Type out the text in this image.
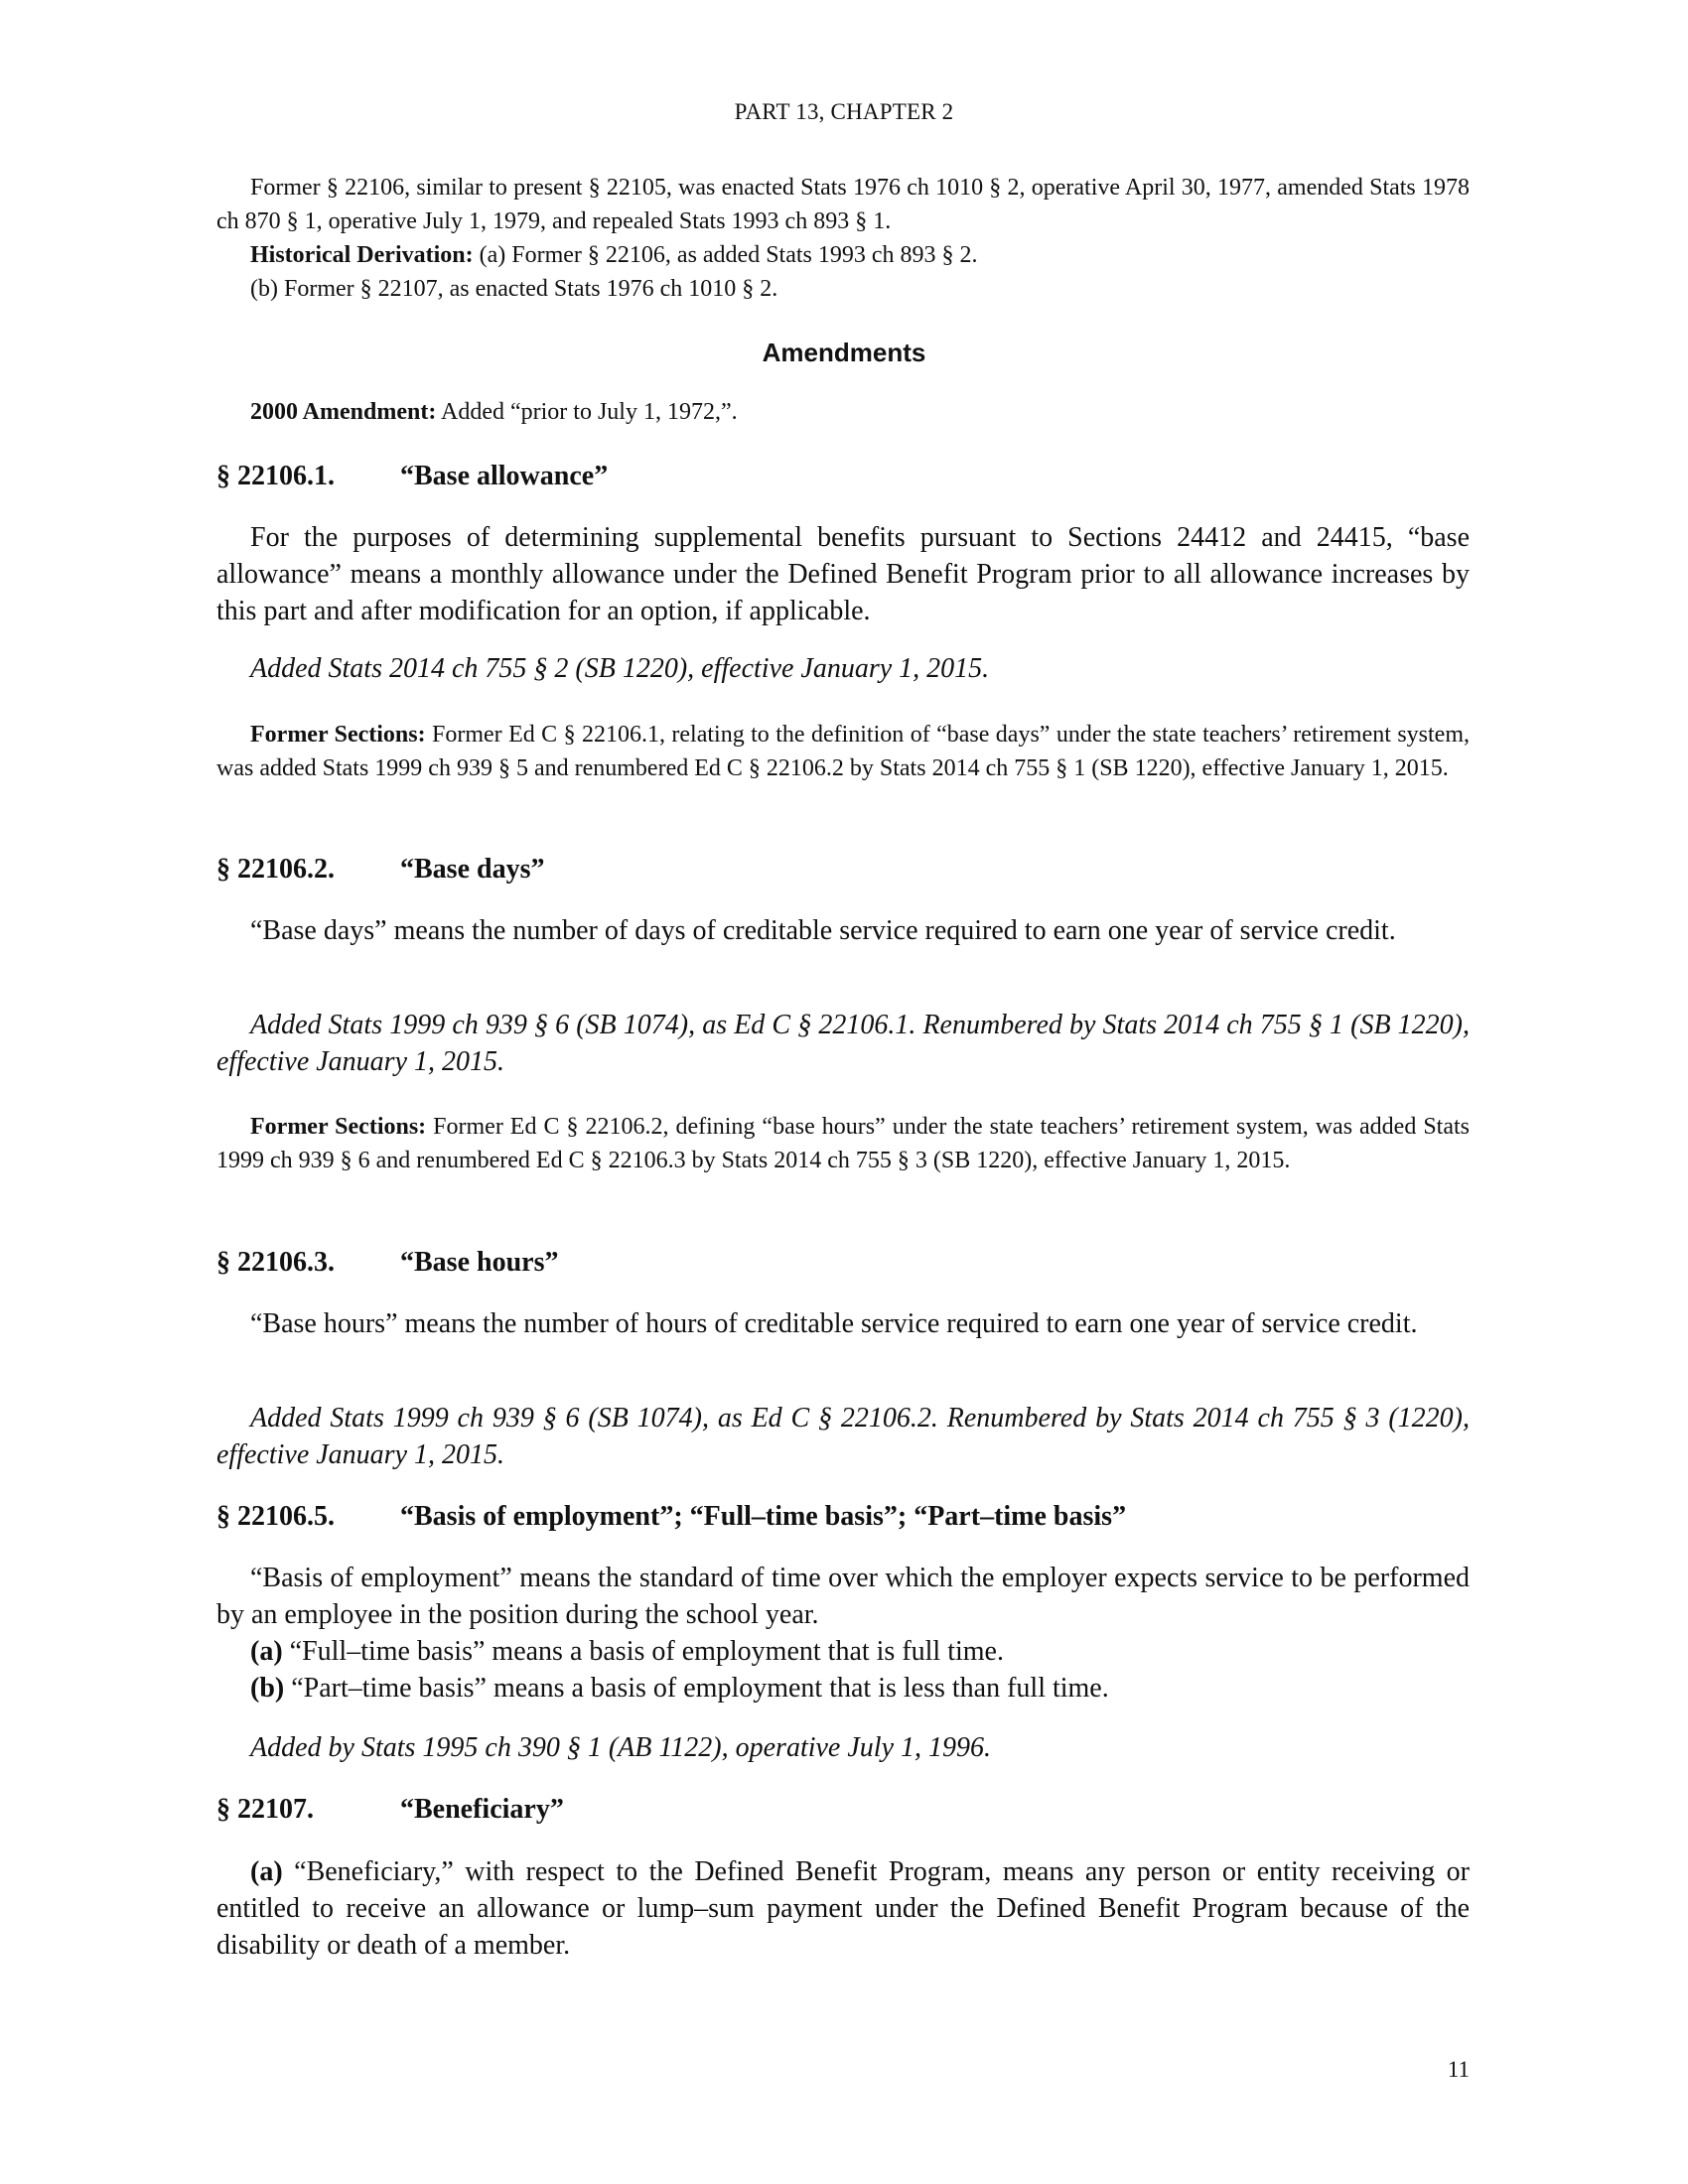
PART 13, CHAPTER 2

Former § 22106, similar to present § 22105, was enacted Stats 1976 ch 1010 § 2, operative April 30, 1977, amended Stats 1978 ch 870 § 1, operative July 1, 1979, and repealed Stats 1993 ch 893 § 1.
Historical Derivation: (a) Former § 22106, as added Stats 1993 ch 893 § 2.
(b) Former § 22107, as enacted Stats 1976 ch 1010 § 2.

Amendments

2000 Amendment: Added “prior to July 1, 1972,”.

§ 22106.1. “Base allowance”

For the purposes of determining supplemental benefits pursuant to Sections 24412 and 24415, “base allowance” means a monthly allowance under the Defined Benefit Program prior to all allowance increases by this part and after modification for an option, if applicable.

Added Stats 2014 ch 755 § 2 (SB 1220), effective January 1, 2015.

Former Sections: Former Ed C § 22106.1, relating to the definition of “base days” under the state teachers’ retirement system, was added Stats 1999 ch 939 § 5 and renumbered Ed C § 22106.2 by Stats 2014 ch 755 § 1 (SB 1220), effective January 1, 2015.

§ 22106.2. “Base days”

“Base days” means the number of days of creditable service required to earn one year of service credit.

Added Stats 1999 ch 939 § 6 (SB 1074), as Ed C § 22106.1. Renumbered by Stats 2014 ch 755 § 1 (SB 1220), effective January 1, 2015.

Former Sections: Former Ed C § 22106.2, defining “base hours” under the state teachers’ retirement system, was added Stats 1999 ch 939 § 6 and renumbered Ed C § 22106.3 by Stats 2014 ch 755 § 3 (SB 1220), effective January 1, 2015.

§ 22106.3. “Base hours”

“Base hours” means the number of hours of creditable service required to earn one year of service credit.

Added Stats 1999 ch 939 § 6 (SB 1074), as Ed C § 22106.2. Renumbered by Stats 2014 ch 755 § 3 (1220), effective January 1, 2015.

§ 22106.5. “Basis of employment”; “Full–time basis”; “Part–time basis”

“Basis of employment” means the standard of time over which the employer expects service to be performed by an employee in the position during the school year.
(a) “Full–time basis” means a basis of employment that is full time.
(b) “Part–time basis” means a basis of employment that is less than full time.

Added by Stats 1995 ch 390 § 1 (AB 1122), operative July 1, 1996.

§ 22107.	“Beneficiary”

(a) “Beneficiary,” with respect to the Defined Benefit Program, means any person or entity receiving or entitled to receive an allowance or lump–sum payment under the Defined Benefit Program because of the disability or death of a member.

11
